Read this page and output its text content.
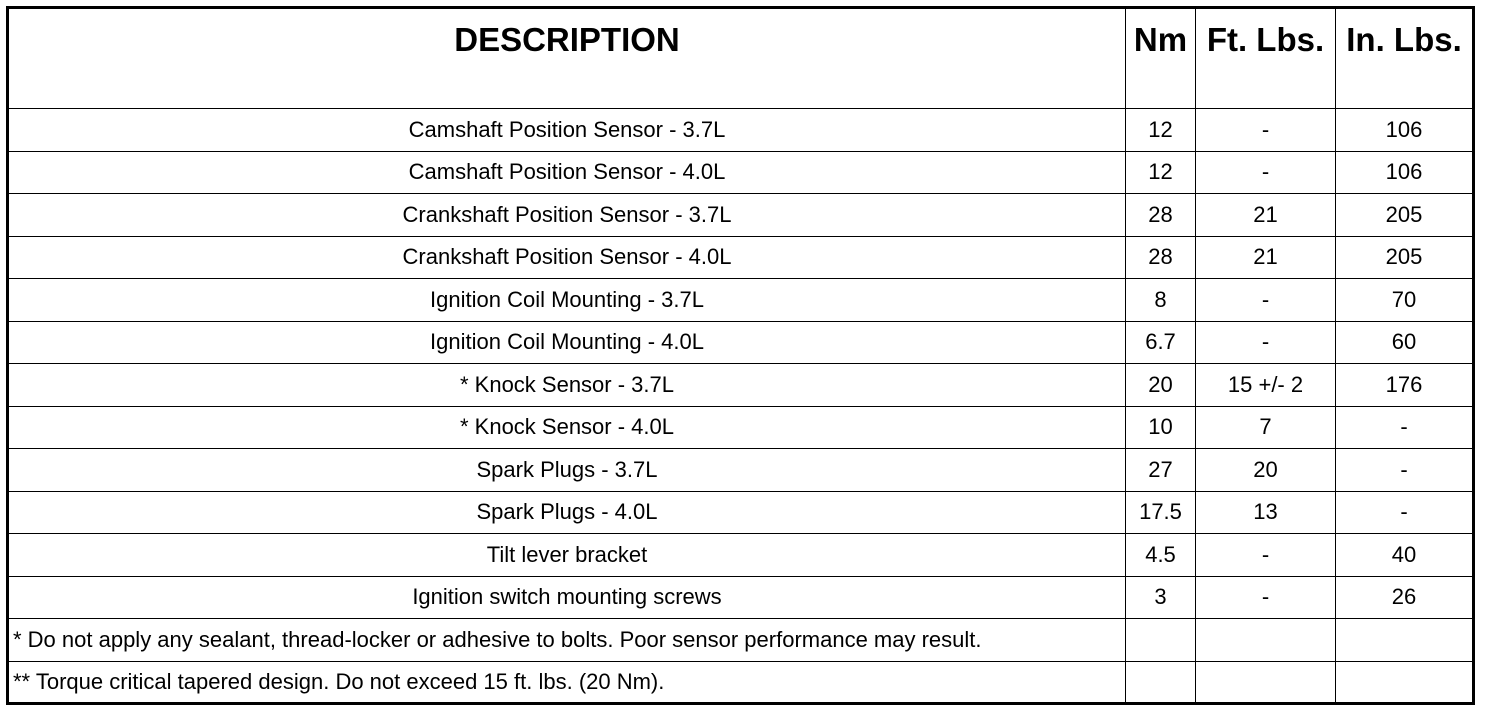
DESCRIPTION	Nm	Ft. Lbs.	In. Lbs.
Camshaft Position Sensor - 3.7L	12	-	106
Camshaft Position Sensor - 4.0L	12	-	106
Crankshaft Position Sensor - 3.7L	28	21	205
Crankshaft Position Sensor - 4.0L	28	21	205
Ignition Coil Mounting - 3.7L	8	-	70
Ignition Coil Mounting - 4.0L	6.7	-	60
* Knock Sensor - 3.7L	20	15 +/- 2	176
* Knock Sensor - 4.0L	10	7	-
Spark Plugs - 3.7L	27	20	-
Spark Plugs - 4.0L	17.5	13	-
Tilt lever bracket	4.5	-	40
Ignition switch mounting screws	3	-	26
* Do not apply any sealant, thread-locker or adhesive to bolts. Poor sensor performance may result.			
** Torque critical tapered design. Do not exceed 15 ft. lbs. (20 Nm).			
